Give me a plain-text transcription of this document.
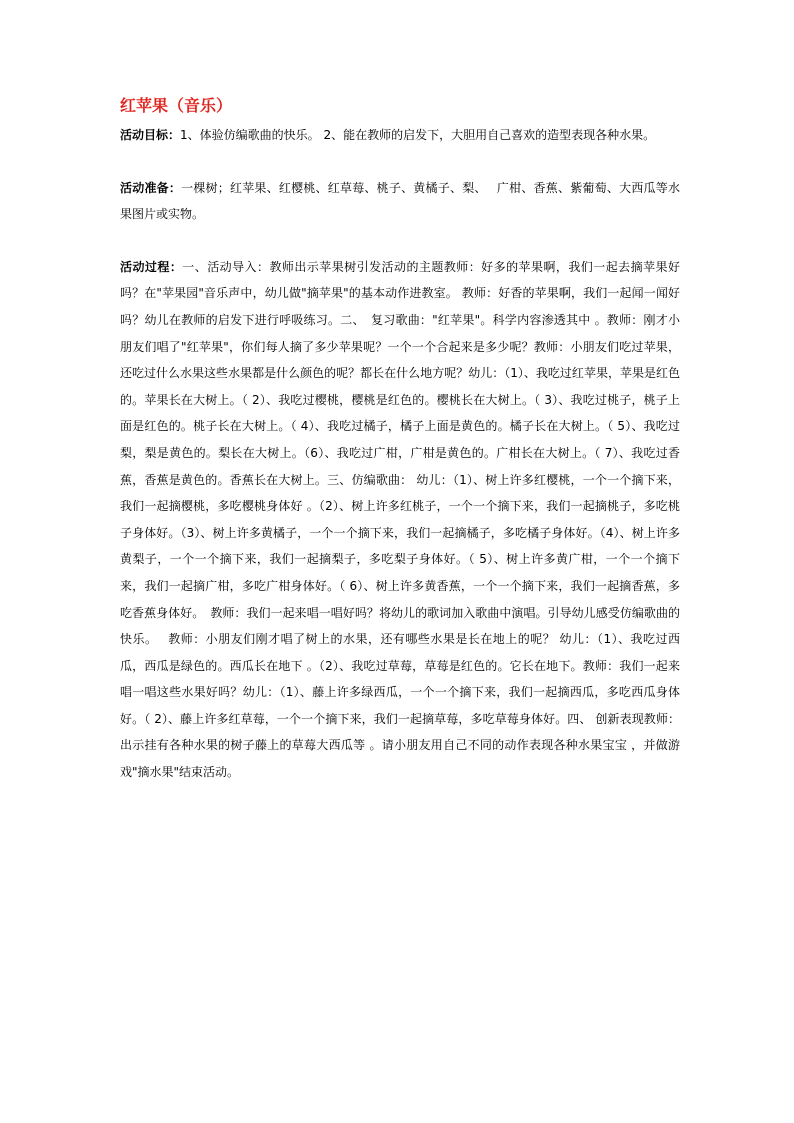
红苹果（音乐）

活动目标：1、体验仿编歌曲的快乐。 2、能在教师的启发下，大胆用自己喜欢的造型表现各种水果。

活动准备：一棵树；红苹果、红樱桃、红草莓、桃子、黄橘子、梨、　 广柑、香蕉、紫葡萄、大西瓜等水果图片或实物。

活动过程：一、活动导入：教师出示苹果树引发活动的主题教师：好多的苹果啊，我们一起去摘苹果好吗？在"苹果园"音乐声中，幼儿做"摘苹果"的基本动作进教室。 教师：好香的苹果啊，我们一起闻一闻好吗？幼儿在教师的启发下进行呼吸练习。二、　复习歌曲："红苹果"。科学内容渗透其中 。教师：刚才小朋友们唱了"红苹果"，你们每人摘了多少苹果呢？一个一个合起来是多少呢？教师：小朋友们吃过苹果，还吃过什么水果这些水果都是什么颜色的呢？都长在什么地方呢？幼儿：（1）、我吃过红苹果，苹果是红色的。苹果长在大树上。（ 2）、我吃过樱桃，樱桃是红色的。樱桃长在大树上。（ 3）、我吃过桃子，桃子上面是红色的。桃子长在大树上。（ 4）、我吃过橘子，橘子上面是黄色的。橘子长在大树上。（ 5）、我吃过梨，梨是黄色的。梨长在大树上。（6）、我吃过广柑，广柑是黄色的。广柑长在大树上。（ 7）、我吃过香蕉，香蕉是黄色的。香蕉长在大树上。三、仿编歌曲： 幼儿：（1）、树上许多红樱桃，一个一个摘下来，我们一起摘樱桃，多吃樱桃身体好 。（2）、树上许多红桃子，一个一个摘下来，我们一起摘桃子，多吃桃子身体好。（3）、树上许多黄橘子，一个一个摘下来，我们一起摘橘子，多吃橘子身体好。（4）、树上许多黄梨子，一个一个摘下来，我们一起摘梨子，多吃梨子身体好。（ 5）、树上许多黄广柑，一个一个摘下来，我们一起摘广柑，多吃广柑身体好。（ 6）、树上许多黄香蕉，一个一个摘下来，我们一起摘香蕉，多吃香蕉身体好。　教师：我们一起来唱一唱好吗？将幼儿的歌词加入歌曲中演唱。引导幼儿感受仿编歌曲的快乐。　 教师：小朋友们刚才唱了树上的水果，还有哪些水果是长在地上的呢？ 幼儿：（1）、我吃过西瓜，西瓜是绿色的。西瓜长在地下 。（2）、我吃过草莓，草莓是红色的。它长在地下。教师：我们一起来唱一唱这些水果好吗？幼儿：（1）、藤上许多绿西瓜，一个一个摘下来，我们一起摘西瓜，多吃西瓜身体好。（ 2）、藤上许多红草莓，一个一个摘下来，我们一起摘草莓，多吃草莓身体好。四、 创新表现教师：出示挂有各种水果的树子藤上的草莓大西瓜等 。请小朋友用自己不同的动作表现各种水果宝宝 ，并做游戏"摘水果"结束活动。
